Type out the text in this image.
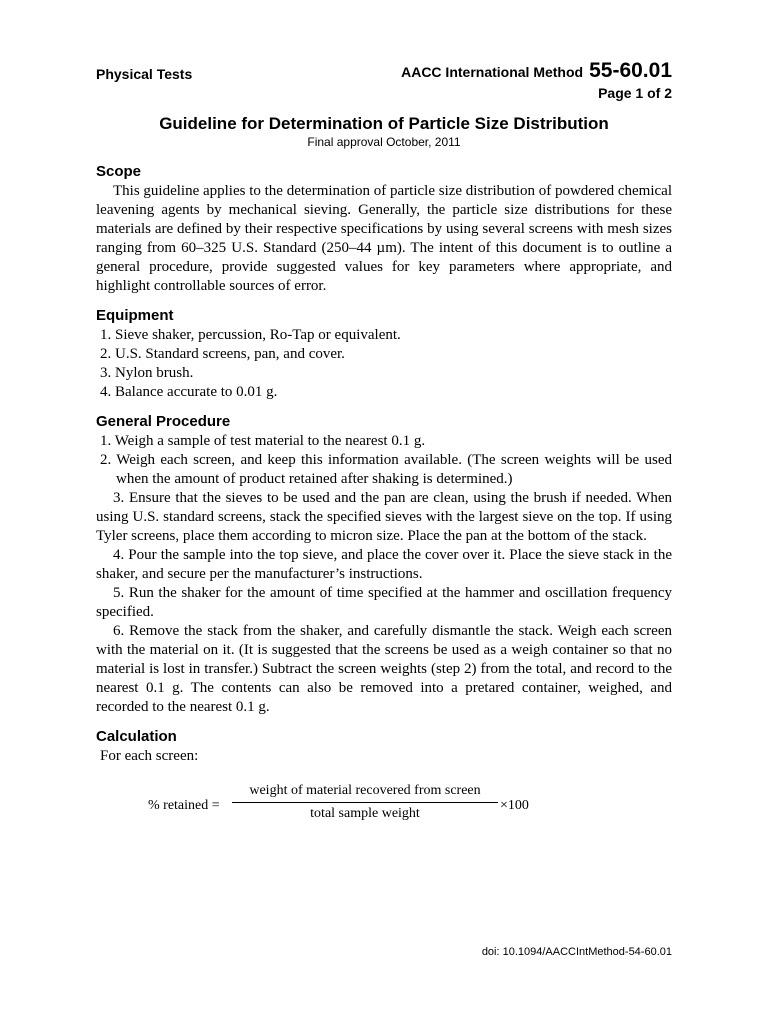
Physical Tests	AACC International Method 55-60.01
Page 1 of 2
Guideline for Determination of Particle Size Distribution
Final approval October, 2011
Scope

This guideline applies to the determination of particle size distribution of powdered chemical leavening agents by mechanical sieving. Generally, the particle size distributions for these materials are defined by their respective specifications by using several screens with mesh sizes ranging from 60–325 U.S. Standard (250–44 µm). The intent of this document is to outline a general procedure, provide suggested values for key parameters where appropriate, and highlight controllable sources of error.

Equipment
1. Sieve shaker, percussion, Ro-Tap or equivalent.
2. U.S. Standard screens, pan, and cover.
3. Nylon brush.
4. Balance accurate to 0.01 g.
General Procedure

1. Weigh a sample of test material to the nearest 0.1 g.

2. Weigh each screen, and keep this information available. (The screen weights will be used when the amount of product retained after shaking is determined.)

3. Ensure that the sieves to be used and the pan are clean, using the brush if needed. When using U.S. standard screens, stack the specified sieves with the largest sieve on the top. If using Tyler screens, place them according to micron size. Place the pan at the bottom of the stack.

4. Pour the sample into the top sieve, and place the cover over it. Place the sieve stack in the shaker, and secure per the manufacturer’s instructions.

5. Run the shaker for the amount of time specified at the hammer and oscillation frequency specified.

6. Remove the stack from the shaker, and carefully dismantle the stack. Weigh each screen with the material on it. (It is suggested that the screens be used as a weigh container so that no material is lost in transfer.) Subtract the screen weights (step 2) from the total, and record to the nearest 0.1 g. The contents can also be removed into a pretared container, weighed, and recorded to the nearest 0.1 g.

Calculation

For each screen:

% retained =
weight of material recovered from screen
total sample weight
×100
doi: 10.1094/AACCIntMethod-54-60.01
